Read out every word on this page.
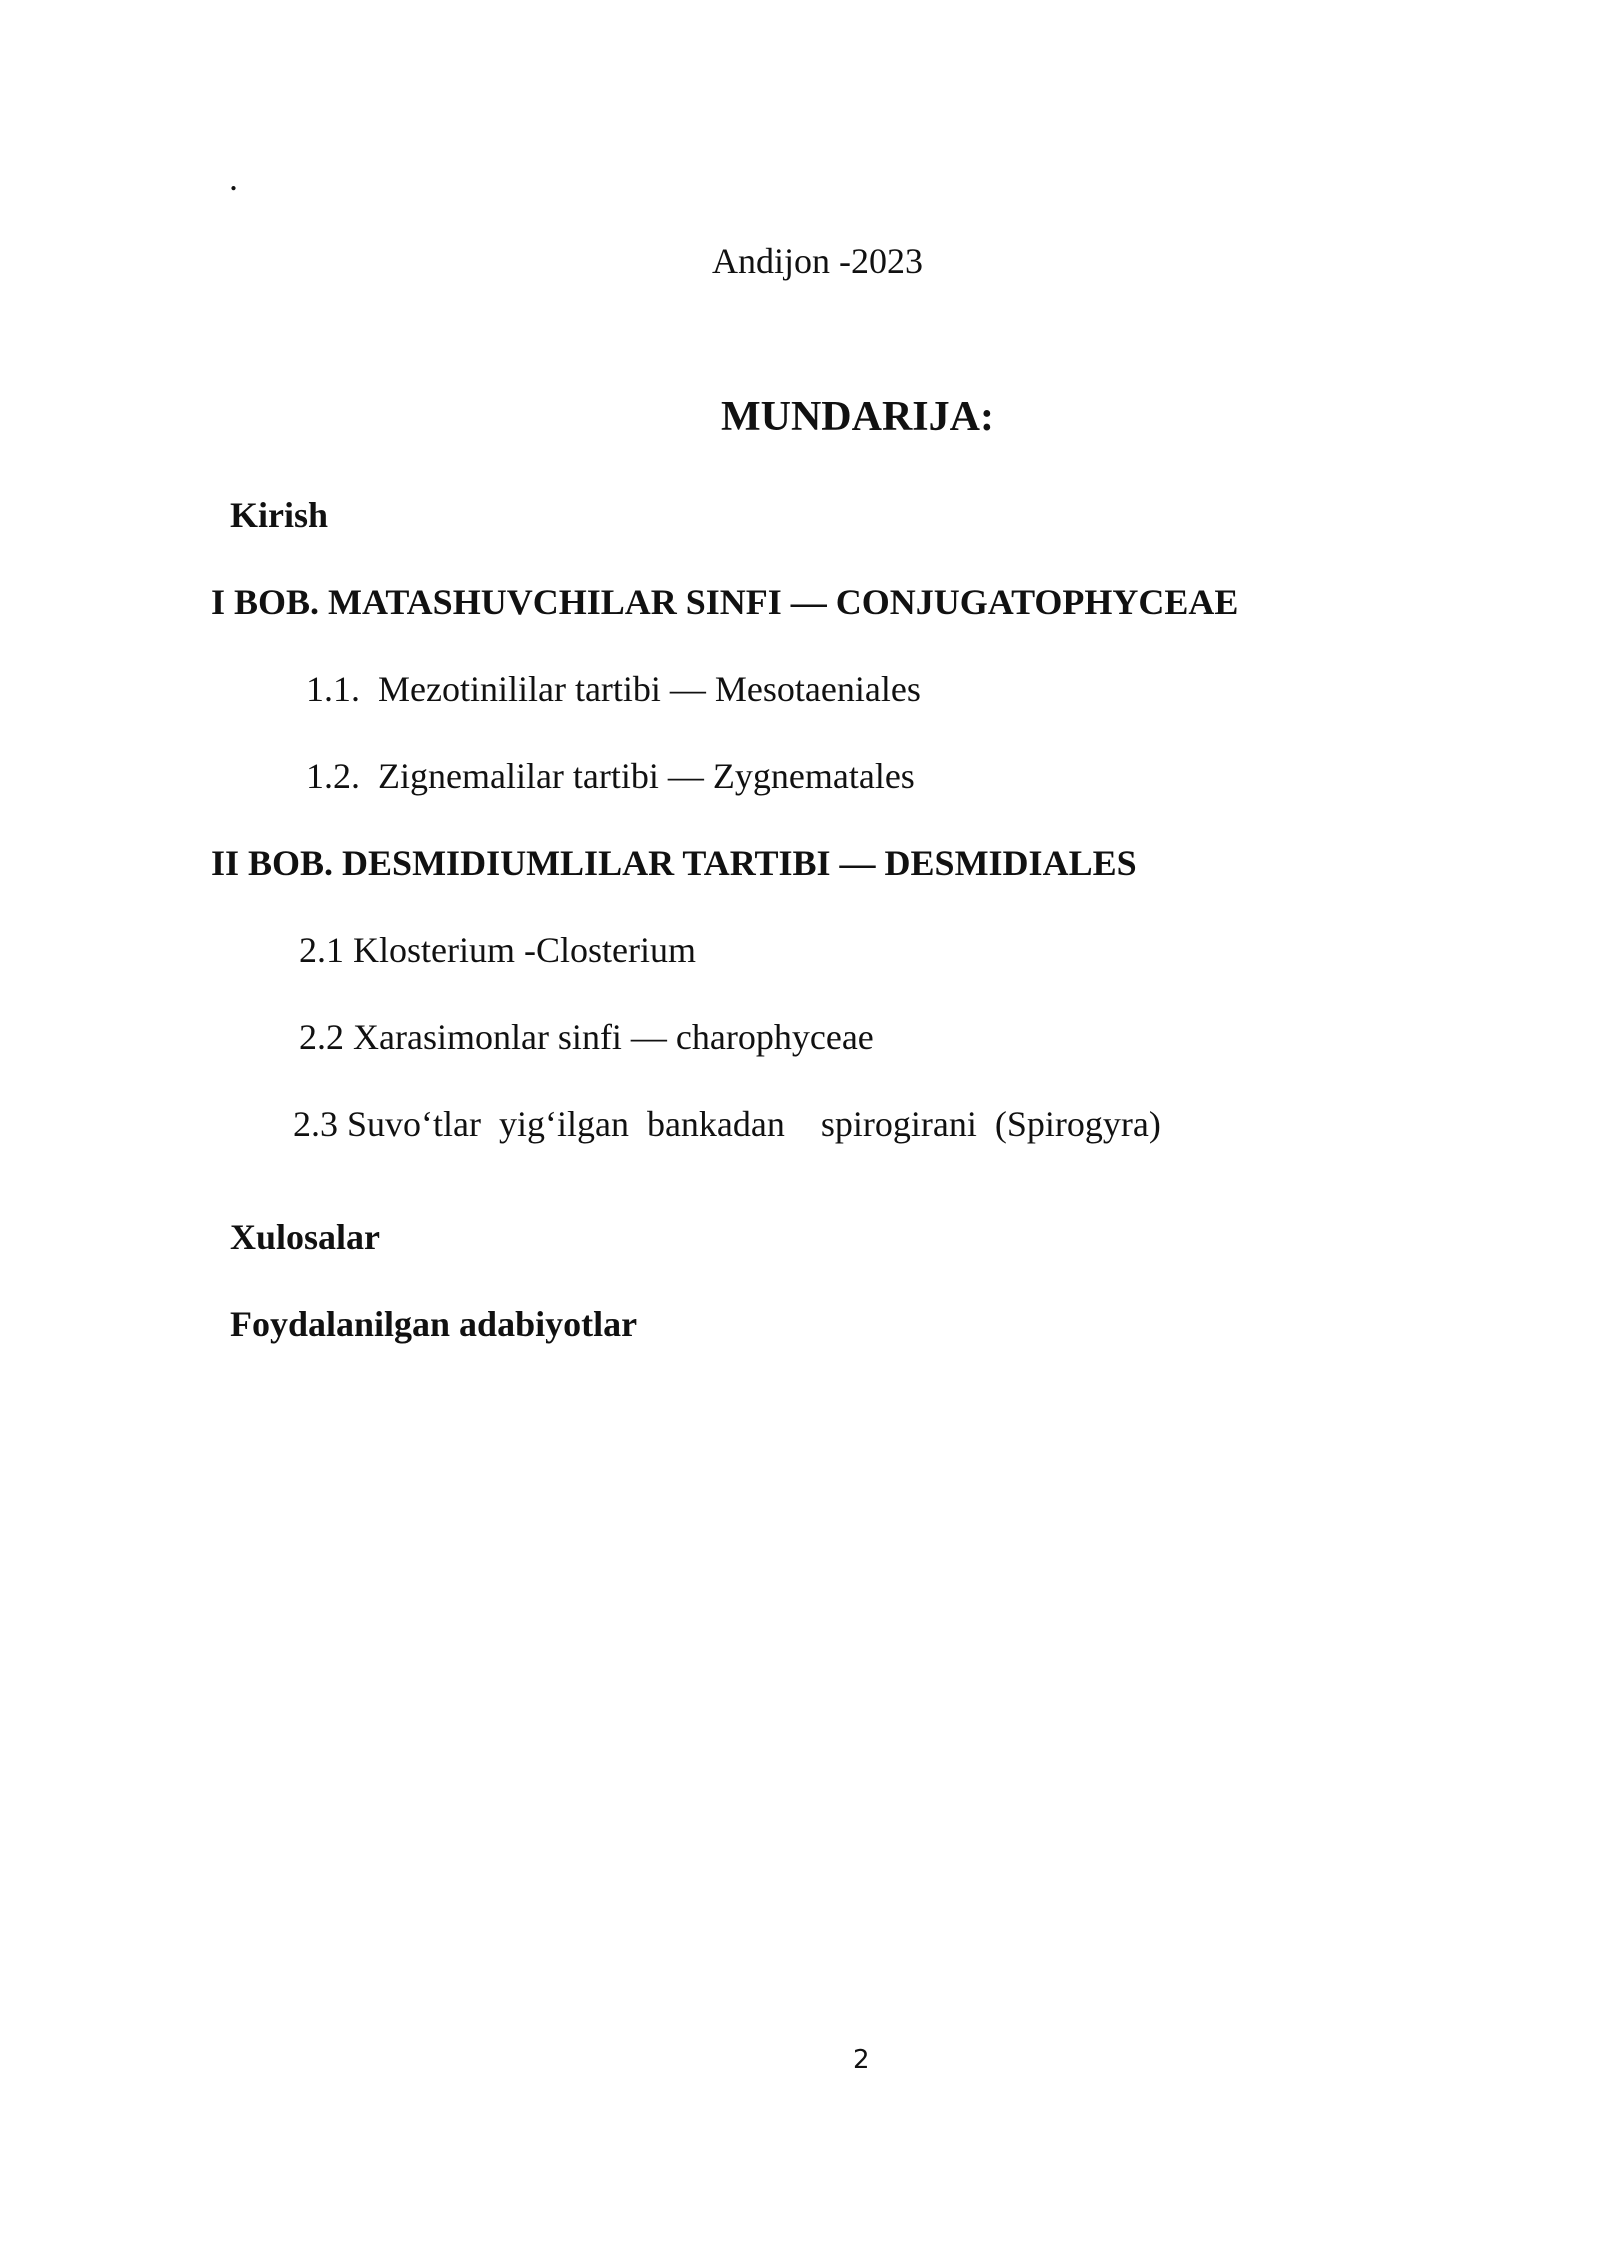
.
Andijon -2023
MUNDARIJA:
Kirish
I BOB. MATASHUVCHILAR SINFI — CONJUGATOPHYCEAE
1.1.  Mezotinililar tartibi — Mesotaeniales
1.2.  Zignemalilar tartibi — Zygnematales
II BOB. DESMIDIUMLILAR TARTIBI — DESMIDIALES
2.1 Klosterium -Closterium
2.2 Xarasimonlar sinfi — charophyceae
2.3 Suvo‘tlar  yig‘ilgan  bankadan    spirogirani  (Spirogyra)
Xulosalar
Foydalanilgan adabiyotlar
2
